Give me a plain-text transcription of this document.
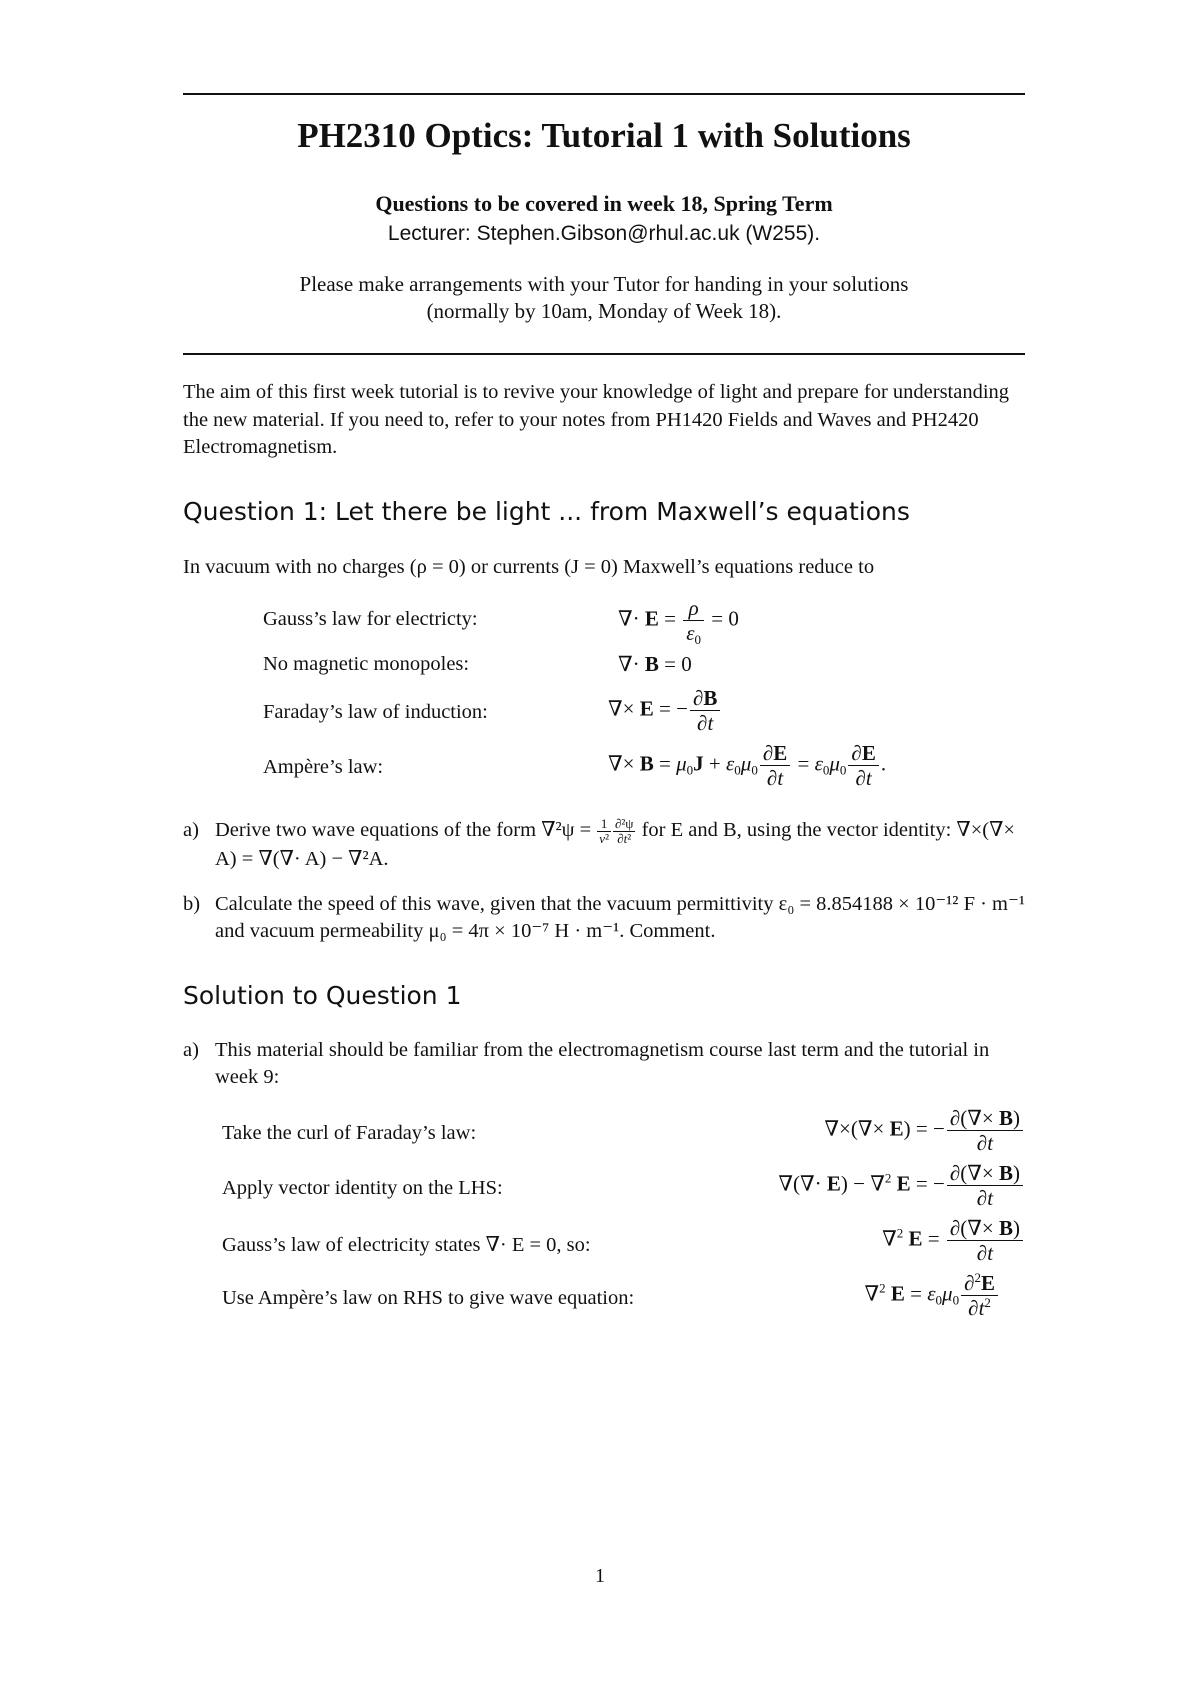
PH2310 Optics: Tutorial 1 with Solutions
Questions to be covered in week 18, Spring Term
Lecturer: Stephen.Gibson@rhul.ac.uk (W255).
Please make arrangements with your Tutor for handing in your solutions
(normally by 10am, Monday of Week 18).
The aim of this first week tutorial is to revive your knowledge of light and prepare for understanding the new material. If you need to, refer to your notes from PH1420 Fields and Waves and PH2420 Electromagnetism.
Question 1: Let there be light ... from Maxwell’s equations
In vacuum with no charges (ρ = 0) or currents (J = 0) Maxwell’s equations reduce to
Gauss’s law for electricty:	∇· $E = \frac{\rho}{\varepsilon_0} = 0$
No magnetic monopoles:	∇· B = 0
Faraday’s law of induction:	∇× E = − $\frac{\partial B}{\partial t}$
Ampère’s law:	∇× $B = \mu_0J + \varepsilon_0\mu_0 \frac{\partial E}{\partial t} = \varepsilon_0\mu_0 \frac{\partial E}{\partial t}$ .
a) Derive two wave equations of the form $\nabla^2\psi = \frac{1}{\text{v²}} \frac{\text{∂²ψ}}{\text{∂t²}}$ for E and B, using the vector identity: ∇×(∇× A) = ∇(∇· A) − ∇²A.
b) Calculate the speed of this wave, given that the vacuum permittivity ε₀ = 8.854188 × 10⁻¹² F · m⁻¹ and vacuum permeability μ₀ = 4π × 10⁻⁷ H · m⁻¹. Comment.
Solution to Question 1
a) This material should be familiar from the electromagnetism course last term and the tutorial in week 9:
Take the curl of Faraday’s law:	∇×(∇× E) = − $\frac{\partial(\nabla\times B)}{\partial t}$
Apply vector identity on the LHS:	∇(∇· E) − ∇$^2$ E = − $\frac{\partial(\nabla\times B)}{\partial t}$
Gauss’s law of electricity states ∇· E = 0, so:	∇$^2$ $E = \frac{\partial(\nabla\times B)}{\partial t}$
Use Ampère’s law on RHS to give wave equation:	∇$^2$ $E = \varepsilon_0\mu_0 \frac{\partial^2E}{\partial t^2}$
1
